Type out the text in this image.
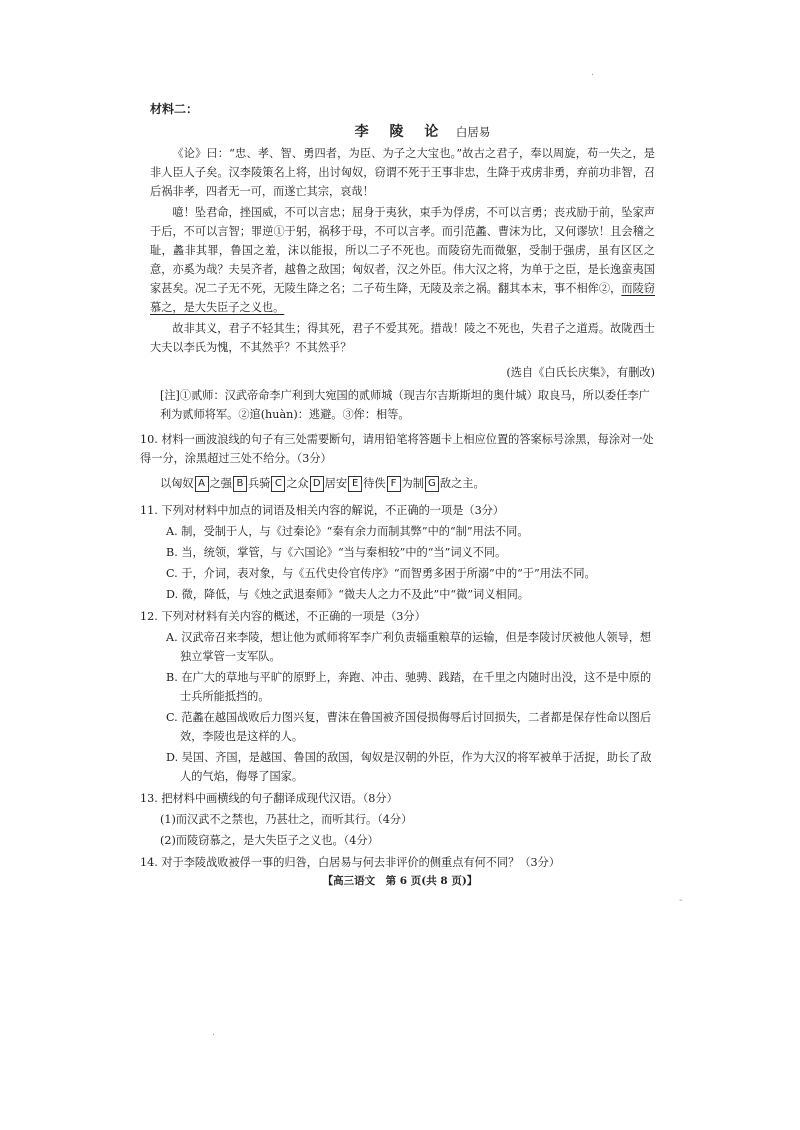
材料二：
李 陵 论 白居易

《论》曰：“忠、孝、智、勇四者，为臣、为子之大宝也。”故古之君子，奉以周旋，苟一失之，是非人臣人子矣。汉李陵策名上将，出讨匈奴，窃谓不死于王事非忠，生降于戎虏非勇，弃前功非智，召后祸非孝，四者无一可，而遂亡其宗，哀哉！

噫！坠君命，挫国威，不可以言忠；屈身于夷狄，束手为俘虏，不可以言勇；丧戎励于前，坠家声于后，不可以言智；罪逆①于躬，祸移于母，不可以言孝。而引范蠡、曹沫为比，又何谬欤！且会稽之耻，蠡非其罪，鲁国之羞，沫以能报，所以二子不死也。而陵窃先而微躯，受制于强虏，虽有区区之意，亦奚为哉？夫吴齐者，越鲁之敌国；匈奴者，汉之外臣。伟大汉之将，为单于之臣，是长逸蛮夷国家甚矣。况二子无不死，无陵生降之名；二子苟生降，无陵及亲之祸。翻其本末，事不相侔②，而陵窃慕之，是大失臣子之义也。

故非其义，君子不轻其生；得其死，君子不爱其死。措哉！陵之不死也，失君子之道焉。故陇西士大夫以李氏为愧，不其然乎？不其然乎？

(选自《白氏长庆集》，有删改)
[注]①贰师：汉武帝命李广利到大宛国的贰师城（现吉尔吉斯斯坦的奥什城）取良马，所以委任李广利为贰师将军。②逭(huàn)：逃避。③侔：相等。
10. 材料一画波浪线的句子有三处需要断句，请用铅笔将答题卡上相应位置的答案标号涂黑，每涂对一处得一分，涂黑超过三处不给分。（3分）
以匈奴 A 之强 B 兵骑 C 之众 D 居安 E 待佚 F 为制 G 敌之主。
11. 下列对材料中加点的词语及相关内容的解说，不正确的一项是（3分）
A. 制，受制于人，与《过秦论》“秦有余力而制其弊”中的“制”用法不同。
B. 当，统领，掌管，与《六国论》“当与秦相较”中的“当”词义不同。
C. 于，介词，表对象，与《五代史伶官传序》“而智勇多困于所溺”中的“于”用法不同。
D. 微，降低，与《烛之武退秦师》“微夫人之力不及此”中“微”词义相同。
12. 下列对材料有关内容的概述，不正确的一项是（3分）
A. 汉武帝召来李陵，想让他为贰师将军李广利负责辎重粮草的运输，但是李陵讨厌被他人领导，想独立掌管一支军队。
B. 在广大的草地与平旷的原野上，奔跑、冲击、驰骋、践踏，在千里之内随时出没，这不是中原的士兵所能抵挡的。
C. 范蠡在越国战败后力图兴复，曹沫在鲁国被齐国侵损侮辱后讨回损失，二者都是保存性命以图后效，李陵也是这样的人。
D. 吴国、齐国，是越国、鲁国的敌国，匈奴是汉朝的外臣，作为大汉的将军被单于活捉，助长了敌人的气焰，侮辱了国家。
13. 把材料中画横线的句子翻译成现代汉语。（8分）
(1)而汉武不之禁也，乃甚壮之，而听其行。（4分）
(2)而陵窃慕之，是大失臣子之义也。（4分）
14. 对于李陵战败被俘一事的归咎，白居易与何去非评价的侧重点有何不同？（3分）
【高三语文　第 6 页(共 8 页)】
-
·
·
